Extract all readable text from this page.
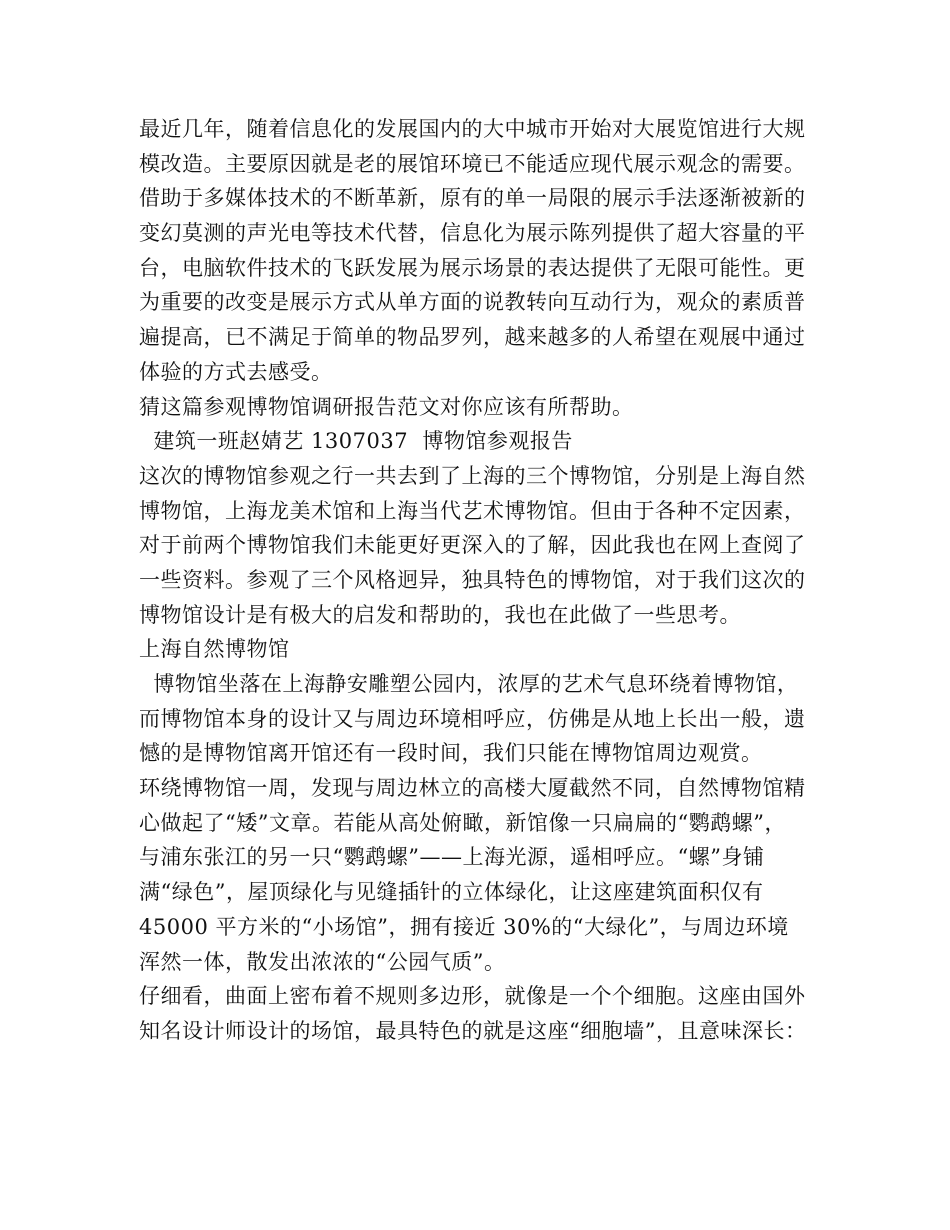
最近几年，随着信息化的发展国内的大中城市开始对大展览馆进行大规
模改造。主要原因就是老的展馆环境已不能适应现代展示观念的需要。
借助于多媒体技术的不断革新，原有的单一局限的展示手法逐渐被新的
变幻莫测的声光电等技术代替，信息化为展示陈列提供了超大容量的平
台，电脑软件技术的飞跃发展为展示场景的表达提供了无限可能性。更
为重要的改变是展示方式从单方面的说教转向互动行为，观众的素质普
遍提高，已不满足于简单的物品罗列，越来越多的人希望在观展中通过
体验的方式去感受。
猜这篇参观博物馆调研报告范文对你应该有所帮助。
建筑一班赵婧艺 1307037  博物馆参观报告
这次的博物馆参观之行一共去到了上海的三个博物馆，分别是上海自然
博物馆，上海龙美术馆和上海当代艺术博物馆。但由于各种不定因素，
对于前两个博物馆我们未能更好更深入的了解，因此我也在网上查阅了
一些资料。参观了三个风格迥异，独具特色的博物馆，对于我们这次的
博物馆设计是有极大的启发和帮助的，我也在此做了一些思考。
上海自然博物馆
博物馆坐落在上海静安雕塑公园内，浓厚的艺术气息环绕着博物馆，
而博物馆本身的设计又与周边环境相呼应，仿佛是从地上长出一般，遗
憾的是博物馆离开馆还有一段时间，我们只能在博物馆周边观赏。
环绕博物馆一周，发现与周边林立的高楼大厦截然不同，自然博物馆精
心做起了“矮”文章。若能从高处俯瞰，新馆像一只扁扁的“鹦鹉螺”，
与浦东张江的另一只“鹦鹉螺”——上海光源，遥相呼应。“螺”身铺
满“绿色”，屋顶绿化与见缝插针的立体绿化，让这座建筑面积仅有
45000 平方米的“小场馆”，拥有接近 30%的“大绿化”，与周边环境
浑然一体，散发出浓浓的“公园气质”。
仔细看，曲面上密布着不规则多边形，就像是一个个细胞。这座由国外
知名设计师设计的场馆，最具特色的就是这座“细胞墙”，且意味深长：
